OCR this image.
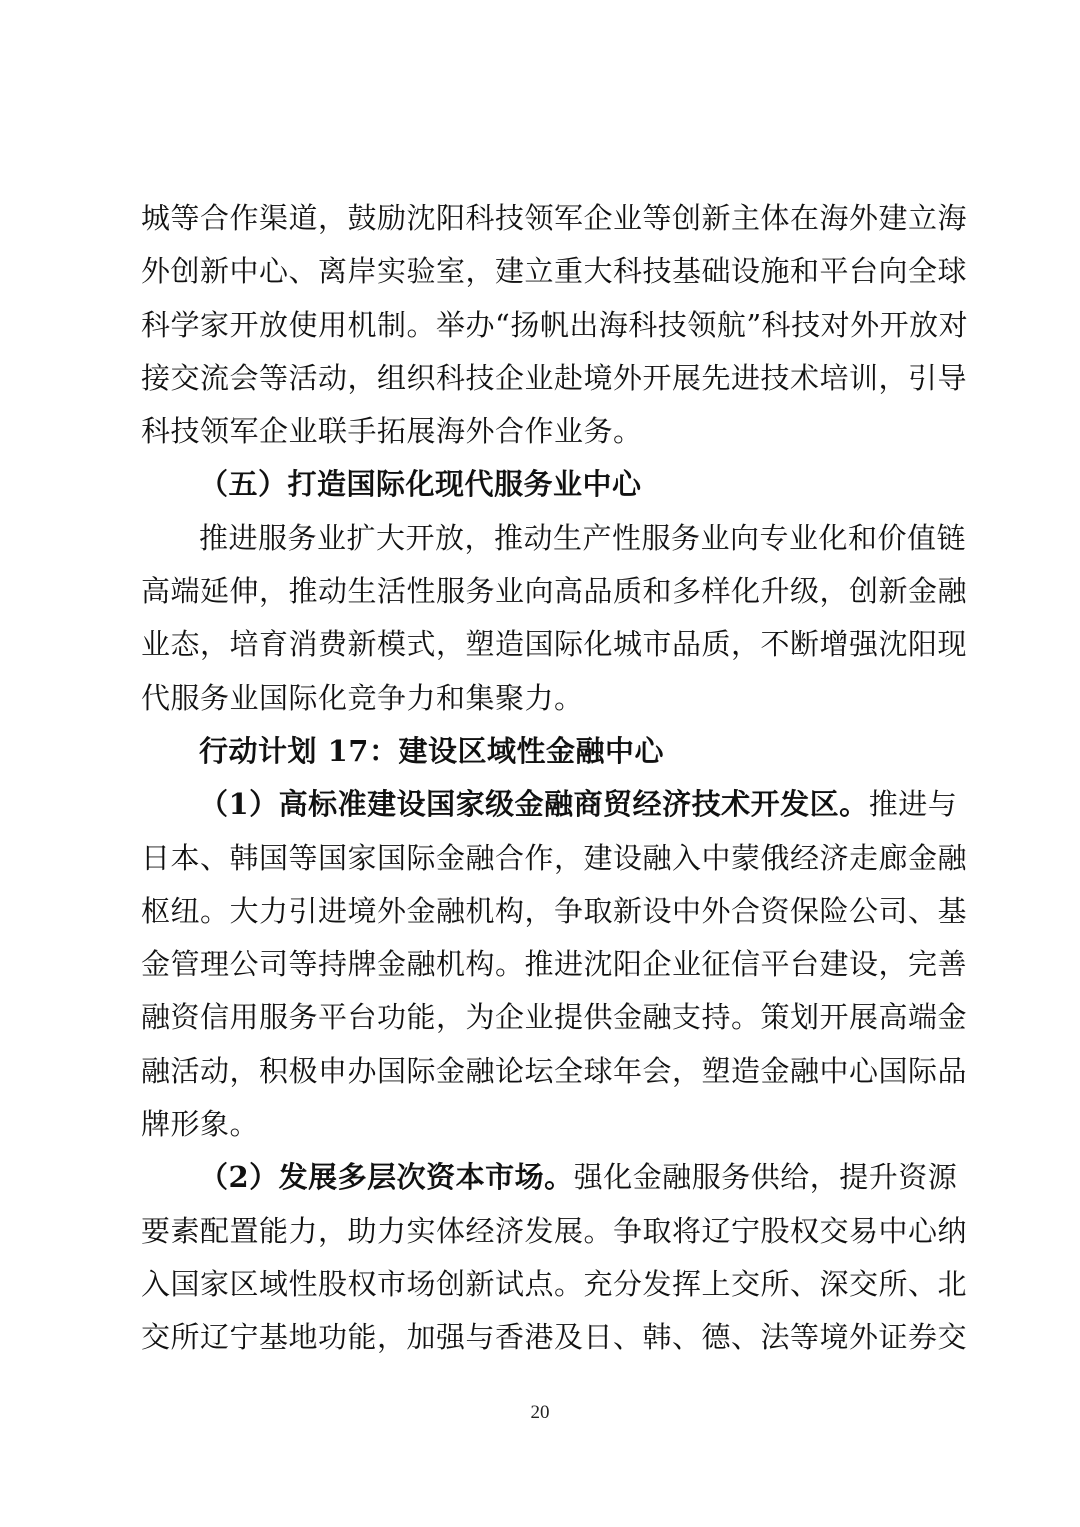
城等合作渠道，鼓励沈阳科技领军企业等创新主体在海外建立海
外创新中心、离岸实验室，建立重大科技基础设施和平台向全球
科学家开放使用机制。举办“扬帆出海科技领航”科技对外开放对
接交流会等活动，组织科技企业赴境外开展先进技术培训，引导
科技领军企业联手拓展海外合作业务。
（五）打造国际化现代服务业中心
推进服务业扩大开放，推动生产性服务业向专业化和价值链
高端延伸，推动生活性服务业向高品质和多样化升级，创新金融
业态，培育消费新模式，塑造国际化城市品质，不断增强沈阳现
代服务业国际化竞争力和集聚力。
行动计划 17：建设区域性金融中心
（1）高标准建设国家级金融商贸经济技术开发区。推进与
日本、韩国等国家国际金融合作，建设融入中蒙俄经济走廊金融
枢纽。大力引进境外金融机构，争取新设中外合资保险公司、基
金管理公司等持牌金融机构。推进沈阳企业征信平台建设，完善
融资信用服务平台功能，为企业提供金融支持。策划开展高端金
融活动，积极申办国际金融论坛全球年会，塑造金融中心国际品
牌形象。
（2）发展多层次资本市场。强化金融服务供给，提升资源
要素配置能力，助力实体经济发展。争取将辽宁股权交易中心纳
入国家区域性股权市场创新试点。充分发挥上交所、深交所、北
交所辽宁基地功能，加强与香港及日、韩、德、法等境外证券交
20
